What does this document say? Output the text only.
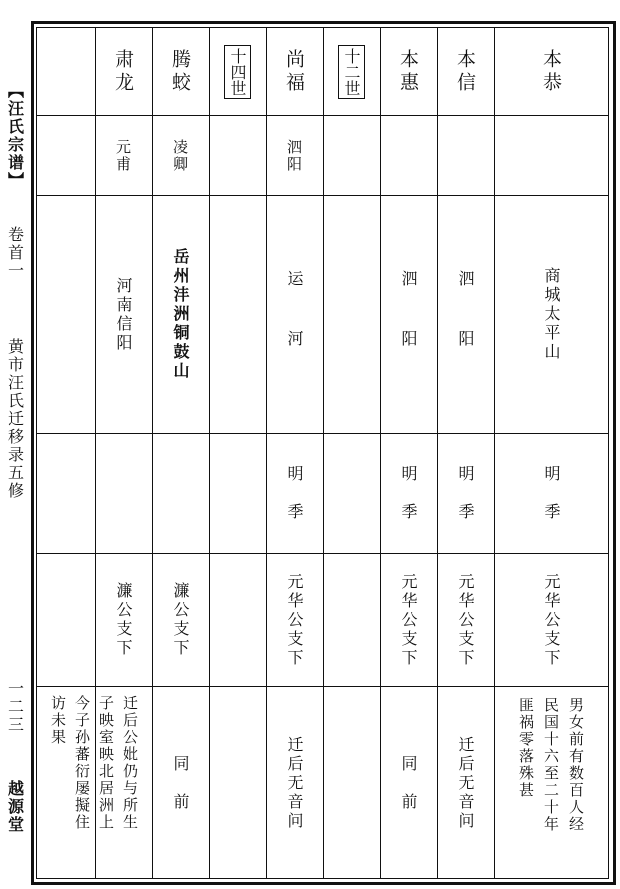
【汪氏宗谱】
卷首一
黄市汪氏迁移录五修
一二三
越源堂
本恭
商城太平山
明　季
元华公支下
男女前有数百人经
民国十六至二十年
匪祸零落殊甚
本信
泗　阳
明　季
元华公支下
迁后无音问
本惠
泗　阳
明　季
元华公支下
同　前
十二世
尚福
泗阳
运　河
明　季
元华公支下
迁后无音问
十四世
腾蛟
凌卿
岳州沣洲铜鼓山
濂公支下
同　前
肃龙
元甫
河南信阳
濂公支下
迁后公妣仍与所生
子映室映北居洲上
今子孙蕃衍屡擬住
访未果
